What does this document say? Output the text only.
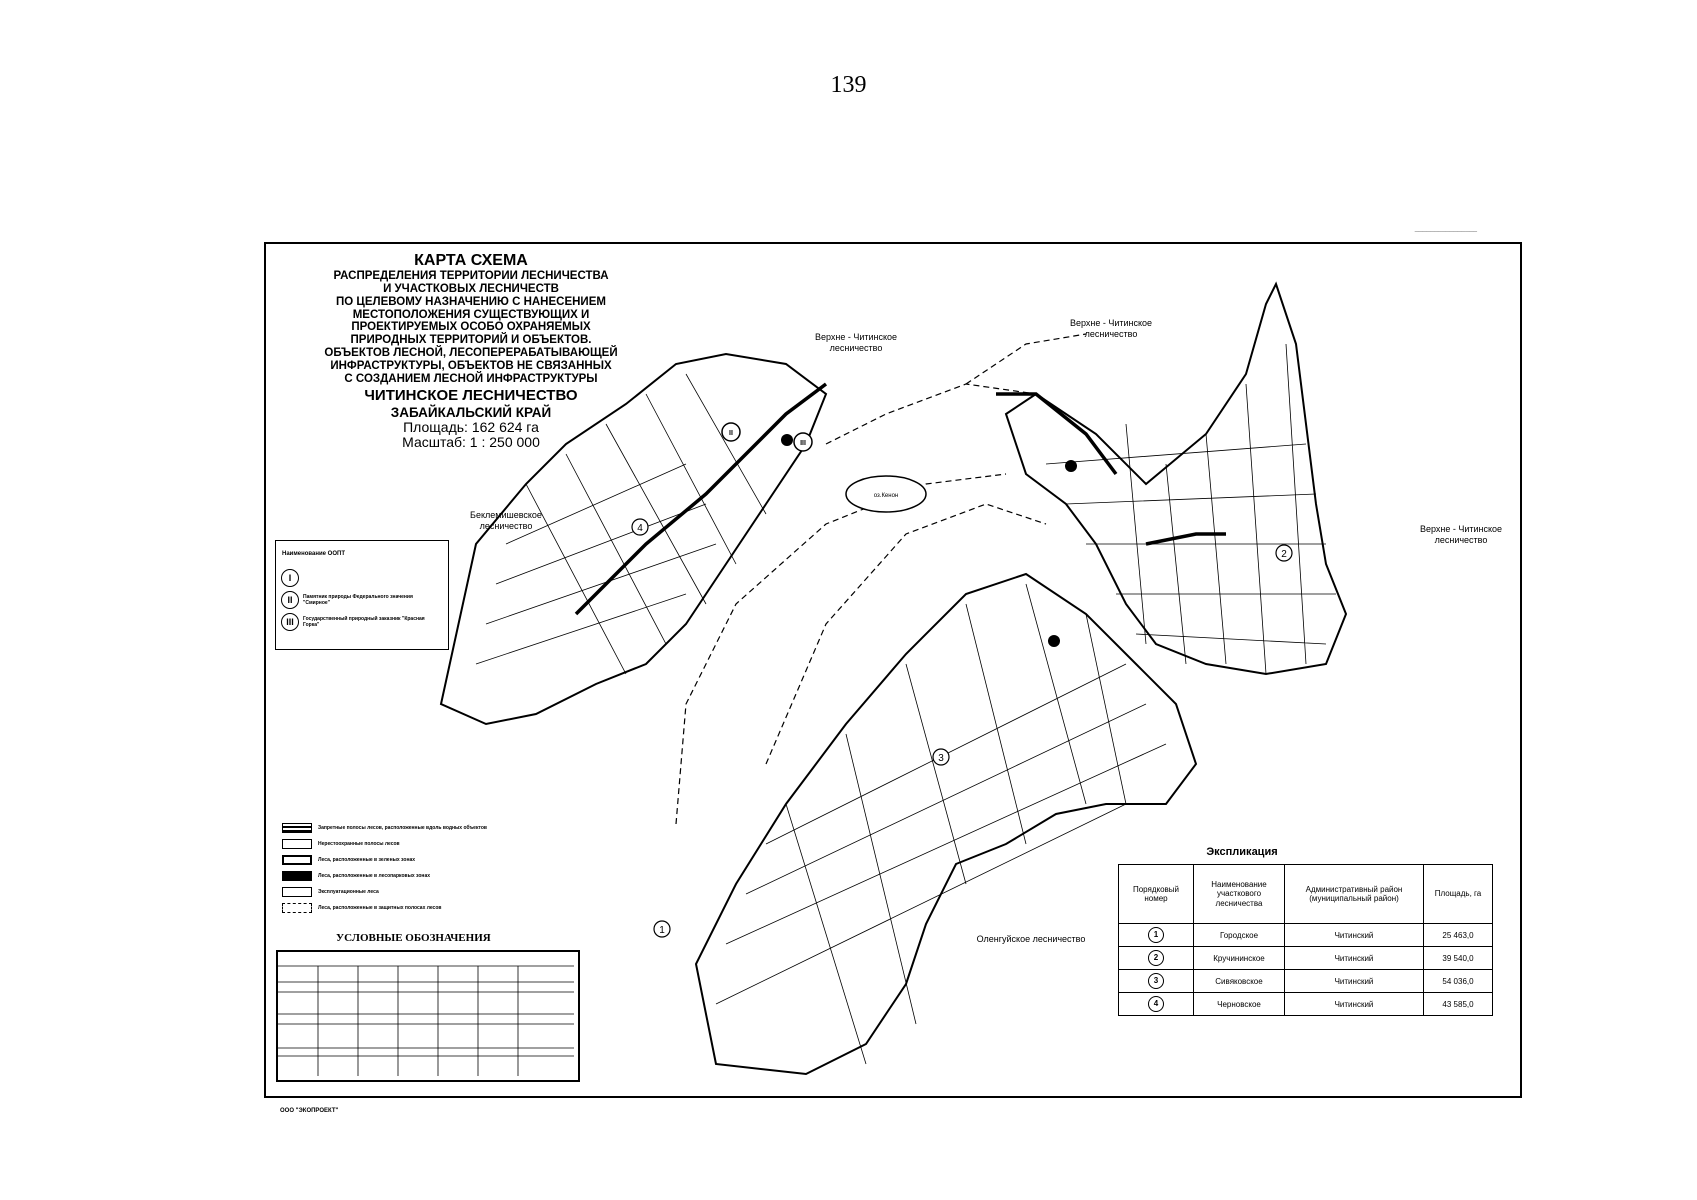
139
________________
II
III
1
2
3
4
оз.Кенон
КАРТА СХЕМА
РАСПРЕДЕЛЕНИЯ ТЕРРИТОРИИ ЛЕСНИЧЕСТВА
И УЧАСТКОВЫХ ЛЕСНИЧЕСТВ
ПО ЦЕЛЕВОМУ НАЗНАЧЕНИЮ С НАНЕСЕНИЕМ
МЕСТОПОЛОЖЕНИЯ СУЩЕСТВУЮЩИХ И
ПРОЕКТИРУЕМЫХ ОСОБО ОХРАНЯЕМЫХ
ПРИРОДНЫХ ТЕРРИТОРИЙ И ОБЪЕКТОВ.
ОБЪЕКТОВ ЛЕСНОЙ, ЛЕСОПЕРЕРАБАТЫВАЮЩЕЙ
ИНФРАСТРУКТУРЫ, ОБЪЕКТОВ НЕ СВЯЗАННЫХ
С СОЗДАНИЕМ ЛЕСНОЙ ИНФРАСТРУКТУРЫ
ЧИТИНСКОЕ ЛЕСНИЧЕСТВО
ЗАБАЙКАЛЬСКИЙ КРАЙ
Площадь: 162 624 га
Масштаб: 1 : 250 000
Верхне - Читинское лесничество
Верхне - Читинское лесничество
Верхне - Читинское лесничество
Беклемишевское лесничество
Оленгуйское лесничество
Наименование ООПТ
I
II	Памятник природы Федерального значения "Смирное"
III	Государственный природный заказник "Красная Горка"
Запретные полосы лесов, расположенные вдоль водных объектов
Нерестоохранные полосы лесов
Леса, расположенные в зеленых зонах
Леса, расположенные в лесопарковых зонах
Эксплуатационные леса
Леса, расположенные в защитных полосах лесов
УСЛОВНЫЕ ОБОЗНАЧЕНИЯ
Экспликация
Порядковый номер	Наименование участкового лесничества	Административный район (муниципальный район)	Площадь, га
1	Городское	Читинский	25 463,0
2	Кручининское	Читинский	39 540,0
3	Сивяковское	Читинский	54 036,0
4	Черновское	Читинский	43 585,0
ООО "ЭКОПРОЕКТ"
